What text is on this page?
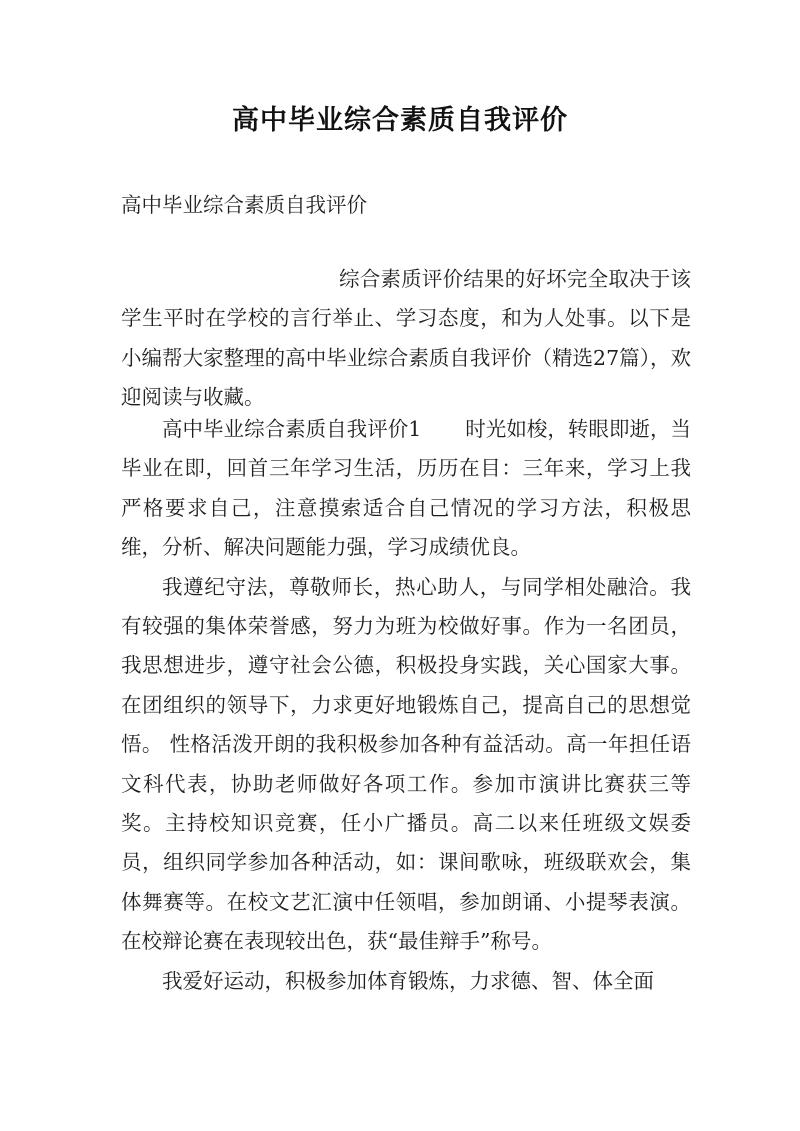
高中毕业综合素质自我评价
高中毕业综合素质自我评价
综合素质评价结果的好坏完全取决于该学生平时在学校的言行举止、学习态度，和为人处事。以下是小编帮大家整理的高中毕业综合素质自我评价（精选27篇），欢迎阅读与收藏。

高中毕业综合素质自我评价1 时光如梭，转眼即逝，当毕业在即，回首三年学习生活，历历在目：三年来，学习上我严格要求自己，注意摸索适合自己情况的学习方法，积极思维，分析、解决问题能力强，学习成绩优良。

我遵纪守法，尊敬师长，热心助人，与同学相处融洽。我有较强的集体荣誉感，努力为班为校做好事。作为一名团员，我思想进步，遵守社会公德，积极投身实践，关心国家大事。在团组织的领导下，力求更好地锻炼自己，提高自己的思想觉悟。 性格活泼开朗的我积极参加各种有益活动。高一年担任语文科代表，协助老师做好各项工作。参加市演讲比赛获三等奖。主持校知识竞赛，任小广播员。高二以来任班级文娱委员，组织同学参加各种活动，如：课间歌咏，班级联欢会，集体舞赛等。在校文艺汇演中任领唱，参加朗诵、小提琴表演。在校辩论赛在表现较出色，获“最佳辩手”称号。

我爱好运动，积极参加体育锻炼，力求德、智、体全面
